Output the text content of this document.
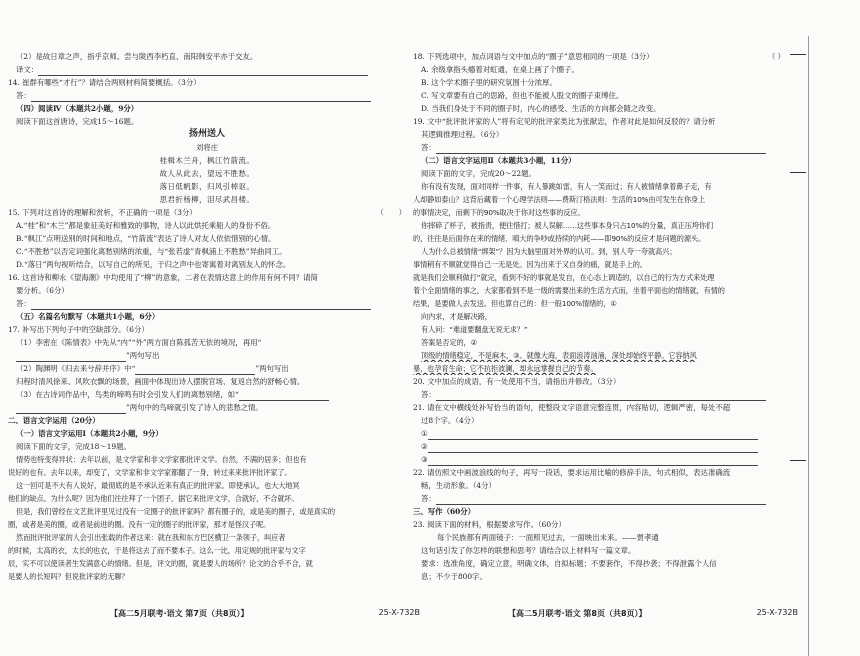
（2）是故日章之声，指乎京师。尝与陇西李朽直、南阳韩安平亦于交友。
译文：
14. 崔群有哪些“才行”？请结合两则材料简要概括。（3分）
答：
（四）阅读Ⅳ（本题共2小题，9分）
阅读下面这首唐诗，完成15～16题。
扬州送人
刘将庄
桂楫木兰舟，枫江竹箭流。
故人从此去，望远不胜愁。
落日低帆影，归风引棹讴。
思君折杨柳，泪尽武昌楼。
15. 下列对这首诗的理解和赏析，不正确的一项是（3分）	（　　）
A.“桂”和“木兰”都是象征美好和雅致的事物，诗人以此烘托乘船人的身份不俗。
B.“枫江”点明送别的时间和地点，“竹箭流”表达了诗人对友人依依惜别的心情。
C.“不胜愁”以否定词强化离愁别绪的浓重，与“张若虚”青枫浦上不胜愁”异曲同工。
D.“落日”两句视听结合，以写自己的所见，于归之声中也寄寓着对离别友人的怀念。
16. 这首诗和柳永《望海潮》中均使用了“柳”的意象，二者在表情达意上的作用有何不同？请简
要分析。（6分）
答：
（五）名篇名句默写（本题共1小题，6分）
17. 补写出下列句子中的空缺部分。（6分）
（1）李密在《陈情表》中先从“内”“外”两方面自陈孤苦无依的境况，再用“
”两句写出
（2）陶渊明《归去来兮辞并序》中“	”两句写出
归程时清风徐来、风吹衣飘的场景，画面中体现出诗人摆脱官场、复返自然的舒畅心情。
（3）在古诗词作品中，鸟类的啼鸣有时会引发人们的离愁别绪，如“
”两句中的鸟啼就引发了诗人的悲愁之情。
二、语言文字运用（20分）
（一）语言文字运用Ⅰ（本题共2小题，9分）
阅读下面的文字，完成18～19题。
情势也特变得异状：去年以前，是文学家和非文学家都批评文学。自然，不满的居多；但也有
说好的也有。去年以来，却变了，文学家和非文学家都翻了一身，转过来来批评批评家了。
这一回可是不大有人说好，最彻底的是不承认近来有真正的批评家。即使承认，也大大地冥
他们的缺点。为什么呢？因为他们往往拜了一个团子，据它来批评文学，合就好，不合就坏。
但是，我们曾经在文艺批评里见过没有一定圈子的批评家吗？都有圈子的，或是美的圈子，或是真实的
圈，或者是美的圈，或者是前进的圈。没有一定的圈子的批评家，那才是怪汉子呢。
然而批评批评家的人会引出张载的作者这来：就在我和东方巴区横卫一条领子，叫应者
的时候，太高的衣，太长的也衣，于是将这去了而不要本子。这么一比，用定规的批评家与文字
辰，实不可以使读者生发满意心的情绪。但是，评文的圈，就是要人的场所？论文的合乎不合，就
是要人的长短吗？但说批评家的无聊？
18. 下列选项中，加点词语与文中加点的“圈子”意思相同的一项是（3分）	（ ）
A. 余级拿指头瘾着对虹通，在桌上画了个圈子。
B. 这个学术圈子里的研究氛围十分浓厚。
C. 写文章要有自己的思路，但也不能被人股文的圈子束缚住。
D. 当我们身处于不同的圈子时，内心的感受、生活的方向都会随之改变。
19. 文中“批评批评家的人”将有定见的批评家类比为张献忠，作者对此是如何反驳的？请分析
其逻辑推理过程。（6分）
答：
（二）语言文字运用Ⅱ（本题共3小题，11分）
阅读下面的文字，完成20～22题。
你有没有发现，面对同样一件事，有人暴跳如雷，有人一笑而过；有人被情绪拿着鼻子走，有
人却静如泰山？这背后藏着一个心理学法则——费斯汀格法则：生活的10%由可发生在你身上
的事情决定，而剩下的90%取决于你对这些事的反应。
你摔碎了杯子，被指责，便往惜打；被人误解……这些事本身只占10%的分量，真正压垮你们
的，往往是后面你在来的情绪、嗔大的争吵或持续的内耗——即90%的反应才是问题的源头。
人为什么总被情绪“绑架”？因为大脑里面对外界的认可。到，别人夸一夸就高兴；
事情稍有不顺就觉得自己一无是处。因为出来于又自身的痛，就是手上的。
就是我们会顺利做打“就完，看到不好的事就是发自，在心态上调适的，以自己的行为方式来处理
着个全面情绪的事之，大家都看到不是一级的需要出来的生活方式而，坐着平面也的情绪就，有情的
结果，是要做人去发送。但也算自己的：但一般100%情绪的，①
向内求，才是解决路，
有人问：“难道要翻盘无说无求？”
答案是否定的，②
顶级的情绪稳定，不是麻木，③。就像大海，表面浪涛汹涌，深处却始终平静。它容纳风
暴，也孕育生命；它不抗拒波澜，却永远掌握自己的节奏。
20. 文中加点的成语，有一处使用不当，请指出并修改。（3分）
答：
21. 请在文中横线处补写恰当的语句，使整段文字语意完整连贯，内容贴切，逻辑严密，每处不超
过8个字。（4分）
①
②
③
22. 请仿照文中画波浪线的句子，再写一段话，要求运用比喻的修辞手法，句式相似，表达准确流
畅，生动形象。（4分）
答：
三、写作（60分）
23. 阅读下面的材料，根据要求写作。（60分）
每个民族都有两面镜子：一面照见过去，一面映出未来。——贾孝通
这句话引发了你怎样的联想和思考？请结合以上材料写一篇文章。
要求：选准角度，确定立意，明确文体，自拟标题；不要套作，不得抄袭；不得泄露个人信
息；不少于800字。
【高二5月联考·语文 第7页（共8页）】	25-X-732B	【高二5月联考·语文 第8页（共8页）】	25-X-732B
